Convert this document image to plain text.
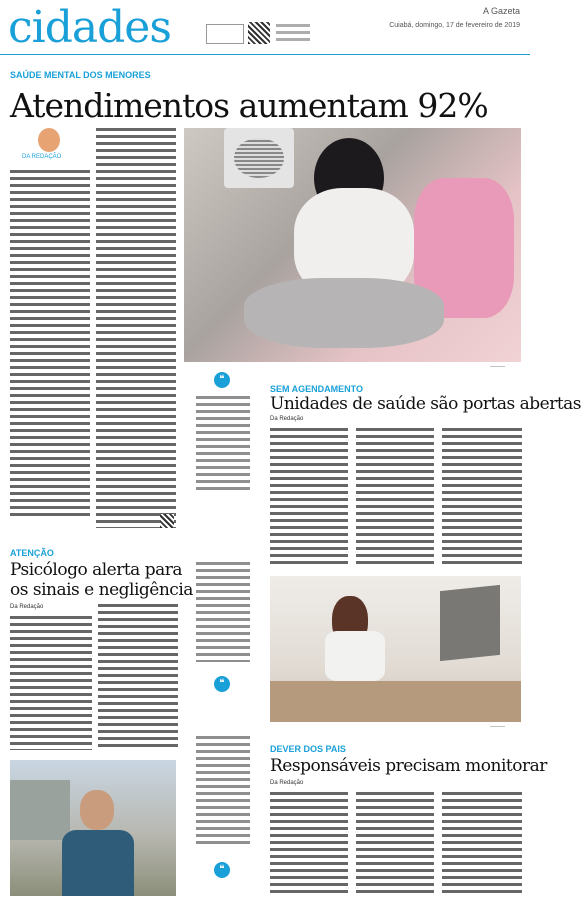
cidades	A Gazeta
Cuiabá, domingo, 17 de fevereiro de 2019
SAÚDE MENTAL DOS MENORES
Atendimentos aumentam 92%
DA REDAÇÃO
———
❝
SEM AGENDAMENTO
Unidades de saúde são portas abertas
Da Redação
ATENÇÃO
Psicólogo alerta para
os sinais e negligência
Da Redação
❝
———
DEVER DOS PAIS
Responsáveis precisam monitorar
Da Redação
❝
